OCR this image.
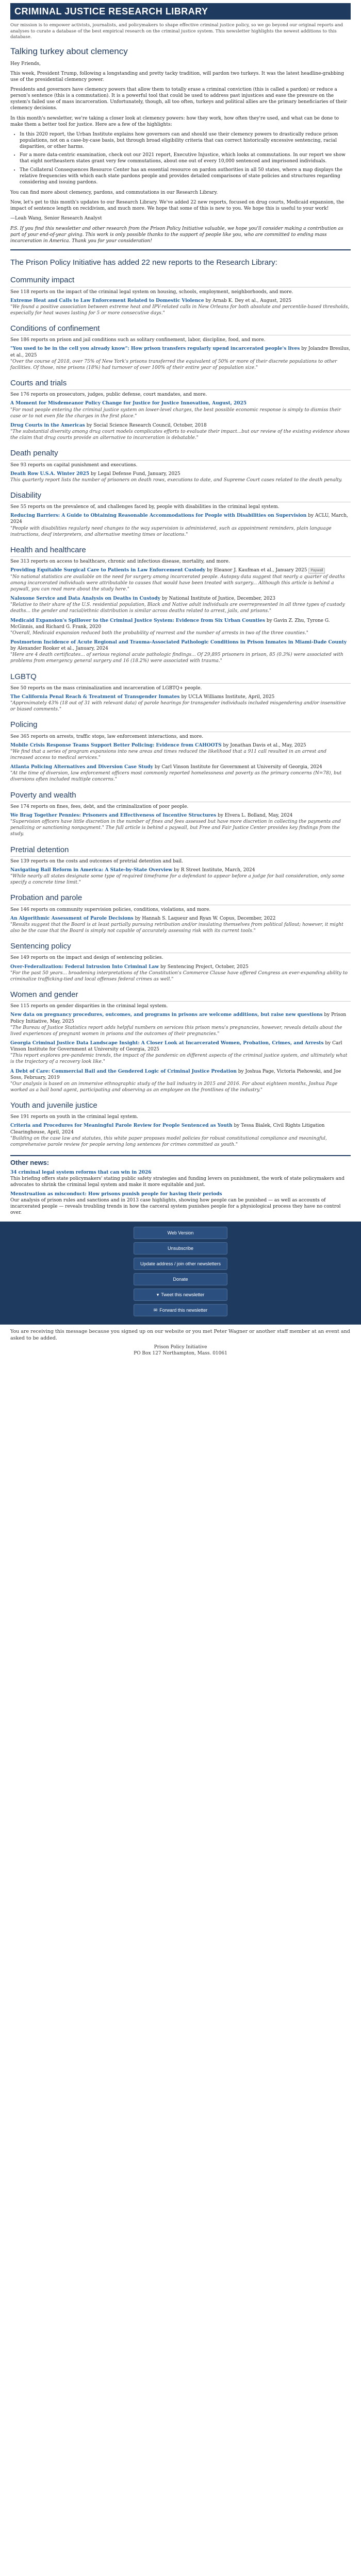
CRIMINAL JUSTICE RESEARCH LIBRARY
Our mission is to empower activists, journalists, and policymakers to shape effective criminal justice policy, so we go beyond our original reports and analyses to curate a database of the best empirical research on the criminal justice system. This newsletter highlights the newest additions to this database.
Talking turkey about clemency

Hey Friends,

This week, President Trump, following a longstanding and pretty tacky tradition, will pardon two turkeys. It was the latest headline-grabbing use of the presidential clemency power.

Presidents and governors have clemency powers that allow them to totally erase a criminal conviction (this is called a pardon) or reduce a person's sentence (this is a commutation). It is a powerful tool that could be used to address past injustices and ease the pressure on the system's failed use of mass incarceration. Unfortunately, though, all too often, turkeys and political allies are the primary beneficiaries of their clemency decisions.

In this month's newsletter, we're taking a closer look at clemency powers: how they work, how often they're used, and what can be done to make them a better tool for justice. Here are a few of the highlights:

• In this 2020 report, the Urban Institute explains how governors can and should use their clemency powers to drastically reduce prison populations, not on a case-by-case basis, but through broad eligibility criteria that can correct historically excessive sentencing, racial disparities, or other harms.
• For a more data-centric examination, check out our 2021 report, Executive Injustice, which looks at commutations. In our report we show that eight northeastern states grant very few commutations, about one out of every 10,000 sentenced and imprisoned individuals.
• The Collateral Consequences Resource Center has an essential resource on pardon authorities in all 50 states, where a map displays the relative frequencies with which each state pardons people and provides detailed comparisons of state policies and structures regarding considering and issuing pardons.

You can find more about clemency, pardons, and commutations in our Research Library.

Now, let's get to this month's updates to our Research Library. We've added 22 new reports, focused on drug courts, Medicaid expansion, the impact of sentence length on recidivism, and much more. We hope that some of this is new to you. We hope this is useful to your work!

—Leah Wang, Senior Research Analyst

P.S. If you find this newsletter and other research from the Prison Policy Initiative valuable, we hope you'll consider making a contribution as part of your end-of-year giving. This work is only possible thanks to the support of people like you, who are committed to ending mass incarceration in America. Thank you for your consideration!

The Prison Policy Initiative has added 22 new reports to the Research Library:
Community impact
See 118 reports on the impact of the criminal legal system on housing, schools, employment, neighborhoods, and more.
Extreme Heat and Calls to Law Enforcement Related to Domestic Violence by Arnab K. Dey et al., August, 2025
"We found a positive association between extreme heat and IPV-related calls in New Orleans for both absolute and percentile-based thresholds, especially for heat waves lasting for 5 or more consecutive days."
Conditions of confinement
See 186 reports on prison and jail conditions such as solitary confinement, labor, discipline, food, and more.
"You used to be in the cell you already know": How prison transfers regularly upend incarcerated people's lives by Jolandre Bresilus, et al., 2025
"Over the course of 2018, over 75% of New York's prisons transferred the equivalent of 50% or more of their discrete populations to other facilities. Of those, nine prisons (18%) had turnover of over 100% of their entire year of population size."
Courts and trials
See 176 reports on prosecutors, judges, public defense, court mandates, and more.
A Moment for Misdemeanor Policy Change for Justice for Justice Innovation, August, 2025
"For most people entering the criminal justice system on lower-level charges, the best possible economic response is simply to dismiss their case or to not even file the charges in the first place."
Drug Courts in the Americas by Social Science Research Council, October, 2018
"The substantial diversity among drug court models complicates efforts to evaluate their impact...but our review of the existing evidence shows the claim that drug courts provide an alternative to incarceration is debatable."
Death penalty
See 93 reports on capital punishment and executions.
Death Row U.S.A. Winter 2025 by Legal Defense Fund, January, 2025
This quarterly report lists the number of prisoners on death rows, executions to date, and Supreme Court cases related to the death penalty.
Disability
See 55 reports on the prevalence of, and challenges faced by, people with disabilities in the criminal legal system.
Reducing Barriers: A Guide to Obtaining Reasonable Accommodations for People with Disabilities on Supervision by ACLU, March, 2024
"People with disabilities regularly need changes to the way supervision is administered, such as appointment reminders, plain language instructions, deaf interpreters, and alternative meeting times or locations."
Health and healthcare
See 313 reports on access to healthcare, chronic and infectious disease, mortality, and more.
Providing Equitable Surgical Care to Patients in Law Enforcement Custody by Eleanor J. Kaufman et al., January 2025 Paywall
"No national statistics are available on the need for surgery among incarcerated people. Autopsy data suggest that nearly a quarter of deaths among incarcerated individuals were attributable to causes that would have been treated with surgery... Although this article is behind a paywall, you can read more about the study here."
Naloxone Service and Data Analysis on Deaths in Custody by National Institute of Justice, December, 2023
"Relative to their share of the U.S. residential population, Black and Native adult individuals are overrepresented in all three types of custody deaths... the gender and racial/ethnic distribution is similar across deaths related to arrest, jails, and prisons."
Medicaid Expansion's Spillover to the Criminal Justice System: Evidence from Six Urban Counties by Gavin Z. Zhu, Tyrone G. McGinnis, and Richard G. Frank, 2020
"Overall, Medicaid expansion reduced both the probability of rearrest and the number of arrests in two of the three counties."
Postmortem Incidence of Acute Regional and Trauma-Associated Pathologic Conditions in Prison Inmates in Miami-Dade County by Alexander Rooker et al., January, 2024
"Here are 4 death certificates... of serious regional acute pathologic findings... Of 29,895 prisoners in prison, 85 (0.3%) were associated with problems from emergency general surgery and 16 (18.2%) were associated with trauma."
LGBTQ
See 50 reports on the mass criminalization and incarceration of LGBTQ+ people.
The California Penal Reach & Treatment of Transgender Inmates by UCLA Williams Institute, April, 2025
"Approximately 43% (18 out of 31 with relevant data) of parole hearings for transgender individuals included misgendering and/or insensitive or biased comments."
Policing
See 365 reports on arrests, traffic stops, law enforcement interactions, and more.
Mobile Crisis Response Teams Support Better Policing: Evidence from CAHOOTS by Jonathan Davis et al., May, 2025
"We find that a series of program expansions into new areas and times reduced the likelihood that a 911 call resulted in an arrest and increased access to medical services."
Atlanta Policing Alternatives and Diversion Case Study by Carl Vinson Institute for Government at University of Georgia, 2024
"At the time of diversion, law enforcement officers most commonly reported homelessness and poverty as the primary concerns (N=78), but diversions often included multiple concerns."
Poverty and wealth
See 174 reports on fines, fees, debt, and the criminalization of poor people.
We Brag Together Pennies: Prisoners and Effectiveness of Incentive Structures by Elvera L. Bolland, May, 2024
"Supervision officers have little discretion in the number of fines and fees assessed but have more discretion in collecting the payments and penalizing or sanctioning nonpayment." The full article is behind a paywall, but Free and Fair Justice Center provides key findings from the study.
Pretrial detention
See 139 reports on the costs and outcomes of pretrial detention and bail.
Navigating Bail Reform in America: A State-by-State Overview by R Street Institute, March, 2024
"While nearly all states designate some type of required timeframe for a defendant to appear before a judge for bail consideration, only some specify a concrete time limit."
Probation and parole
See 146 reports on community supervision policies, conditions, violations, and more.
An Algorithmic Assessment of Parole Decisions by Hannah S. Laqueur and Ryan W. Copus, December, 2022
"Results suggest that the Board is at least partially pursuing retribution and/or insulating themselves from political fallout; however, it might also be the case that the Board is simply not capable of accurately assessing risk with its current tools."
Sentencing policy
See 149 reports on the impact and design of sentencing policies.
Over-Federalization: Federal Intrusion Into Criminal Law by Sentencing Project, October, 2025
"For the past 50 years... broadening interpretations of the Constitution's Commerce Clause have offered Congress an ever-expanding ability to criminalize trafficking-tied and local offenses federal crimes as well."
Women and gender
See 115 reports on gender disparities in the criminal legal system.
New data on pregnancy procedures, outcomes, and programs in prisons are welcome additions, but raise new questions by Prison Policy Initiative, May, 2025
"The Bureau of Justice Statistics report adds helpful numbers on services this prison menu's pregnancies, however, reveals details about the lived experiences of pregnant women in prisons and the outcomes of their pregnancies."
Georgia Criminal Justice Data Landscape Insight: A Closer Look at Incarcerated Women, Probation, Crimes, and Arrests by Carl Vinson Institute for Government at University of Georgia, 2025
"This report explores pre-pandemic trends, the impact of the pandemic on different aspects of the criminal justice system, and ultimately what is the trajectory of a recovery look like."
A Debt of Care: Commercial Bail and the Gendered Logic of Criminal Justice Predation by Joshua Page, Victoria Piehowski, and Joe Soss, February, 2019
"Our analysis is based on an immersive ethnographic study of the bail industry in 2015 and 2016. For about eighteen months, Joshua Page worked as a bail bond agent, participating and observing as an employee on the frontlines of the industry."
Youth and juvenile justice
See 191 reports on youth in the criminal legal system.
Criteria and Procedures for Meaningful Parole Review for People Sentenced as Youth by Tessa Bialek, Civil Rights Litigation Clearinghouse, April, 2024
"Building on the case law and statutes, this white paper proposes model policies for robust constitutional compliance and meaningful, comprehensive parole review for people serving long sentences for crimes committed as youth."
Other news:
34 criminal legal system reforms that can win in 2026
This briefing offers state policymakers' stating public safety strategies and funding levers on punishment, the work of state policymakers and advocates to shrink the criminal legal system and make it more equitable and just.
Menstruation as misconduct: How prisons punish people for having their periods
Our analysis of prison rules and sanctions and in 2013 case highlights, showing how people can be punished — as well as accounts of incarcerated people — reveals troubling trends in how the carceral system punishes people for a physiological process they have no control over.
Web Version
Unsubscribe
Update address / join other newsletters
Donate
▾ Tweet this newsletter
✉ Forward this newsletter

You are receiving this message because you signed up on our website or you met Peter Wagner or another staff member at an event and asked to be added.

Prison Policy Initiative
PO Box 127 Northampton, Mass. 01061
